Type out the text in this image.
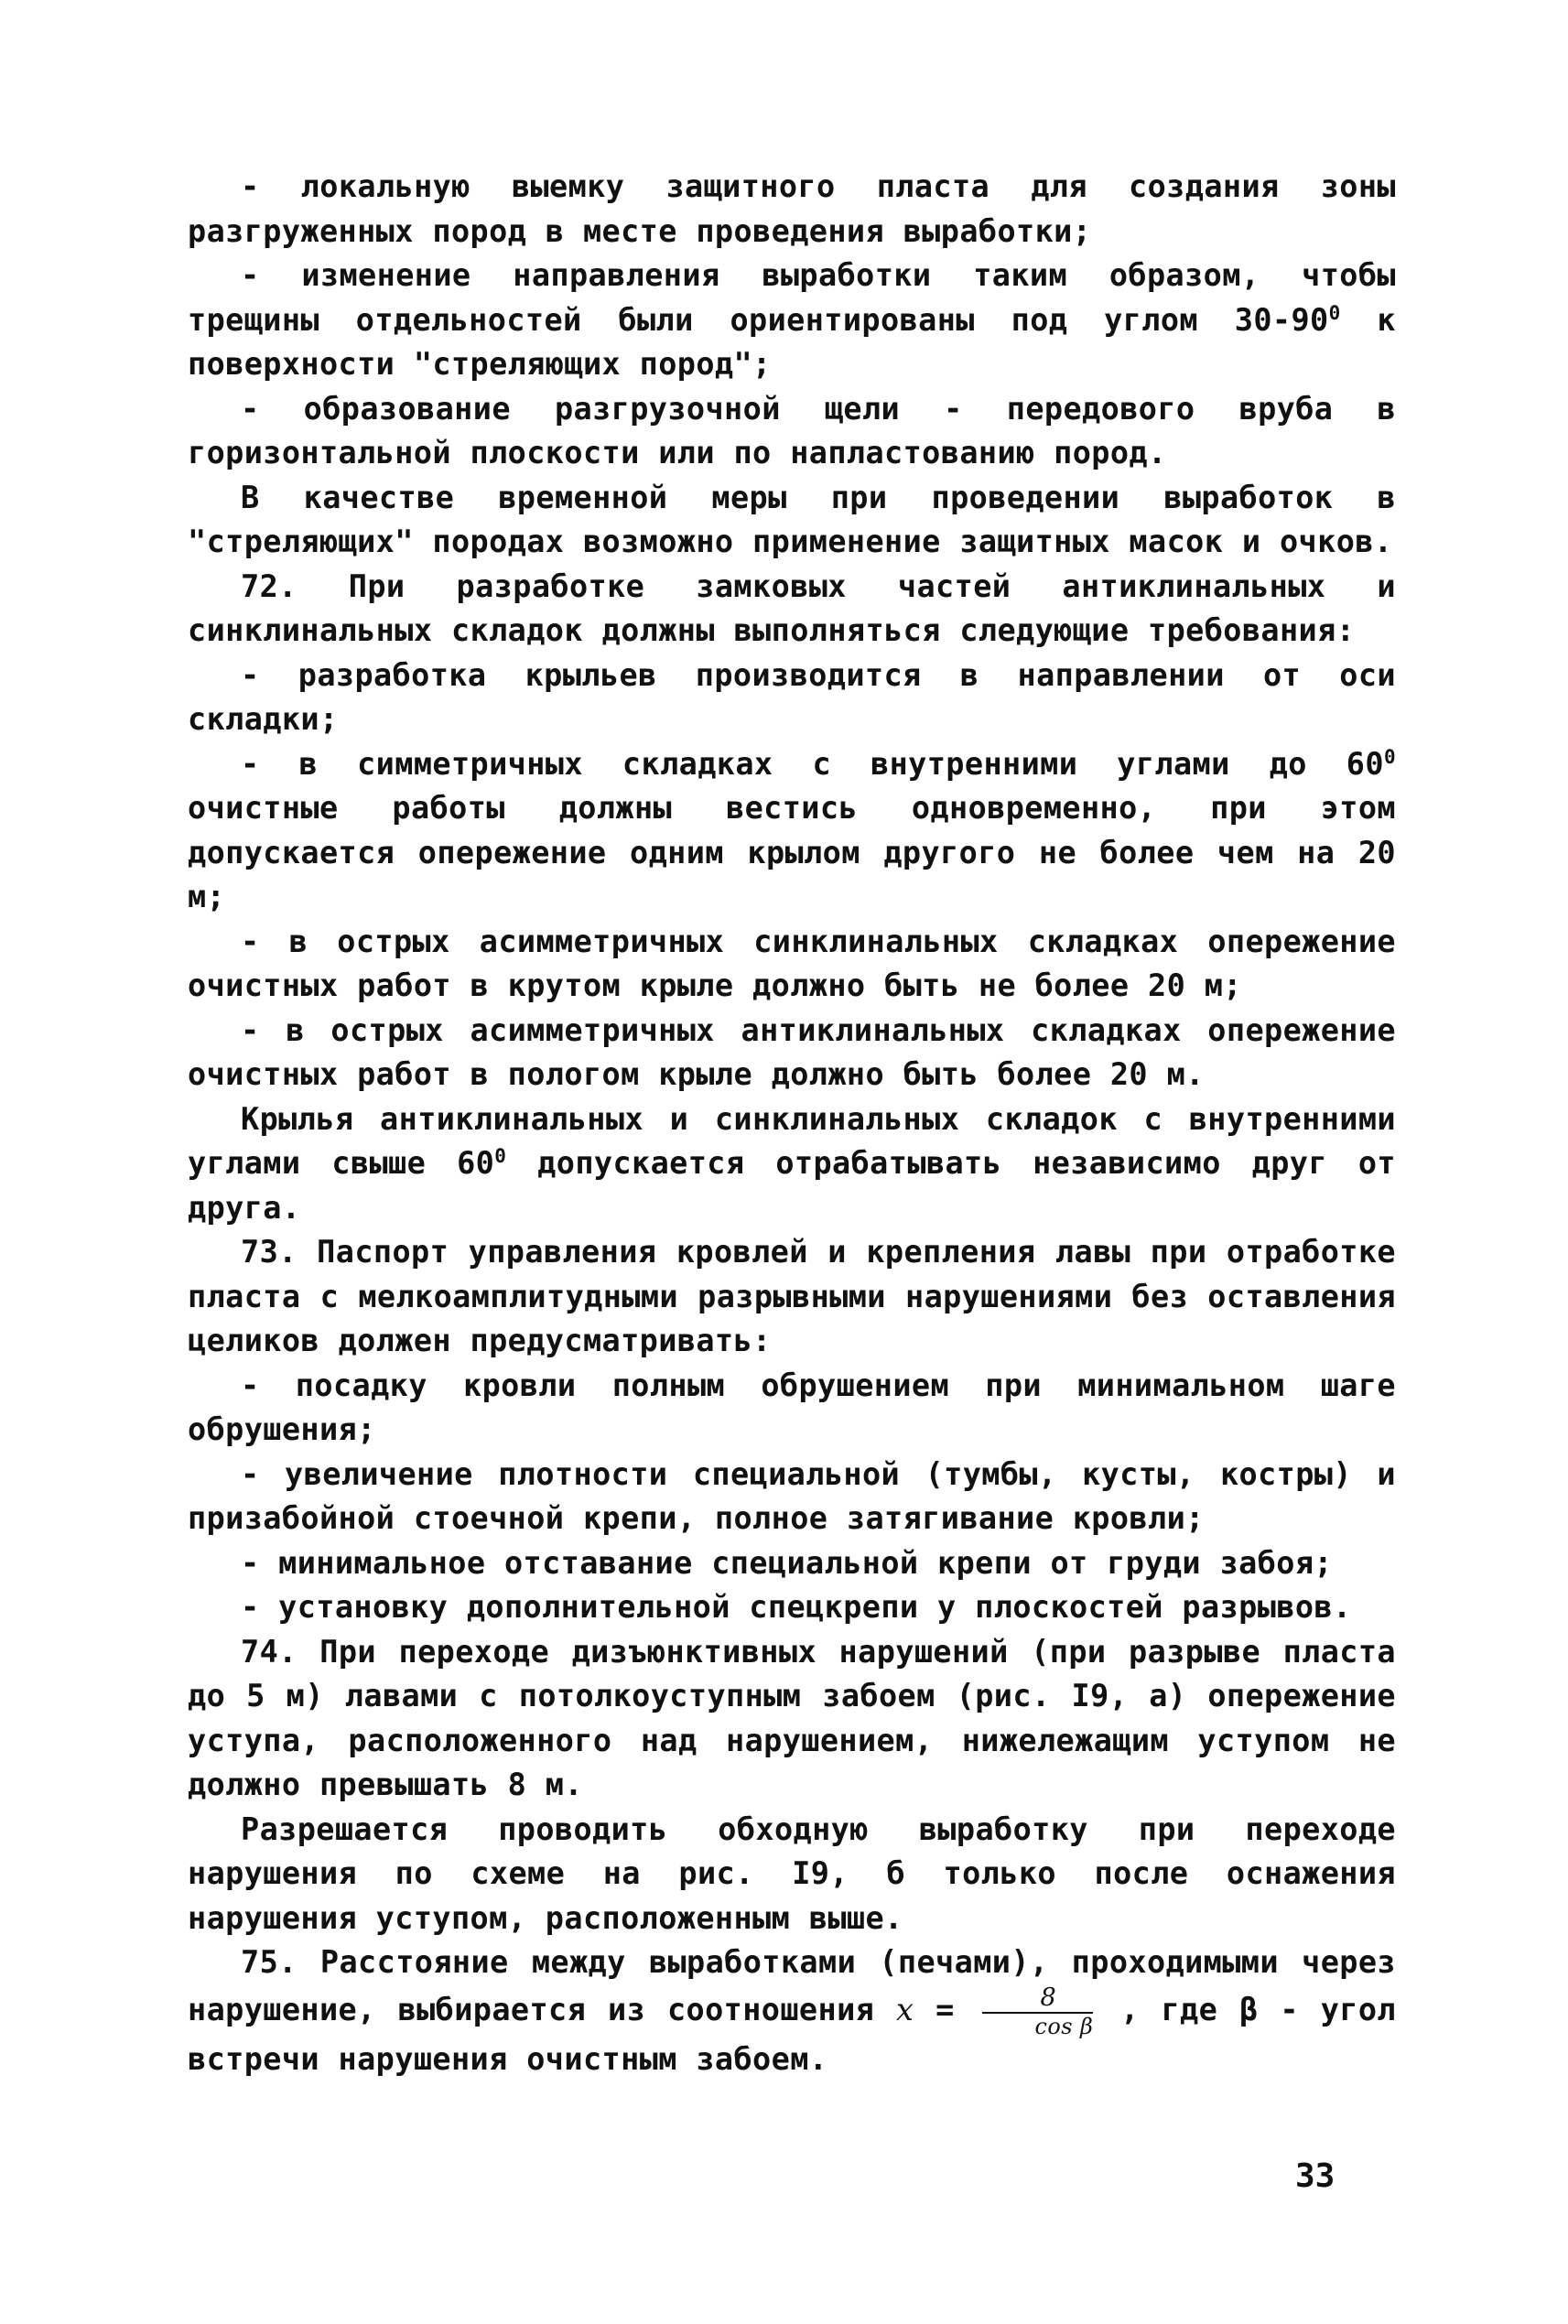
- локальную выемку защитного пласта для создания зоны разгруженных пород в месте проведения выработки;

- изменение направления выработки таким образом, чтобы трещины отдельностей были ориентированы под углом $30-90^0$ к поверхности "стреляющих пород";

- образование разгрузочной щели - передового вруба в горизонтальной плоскости или по напластованию пород.

В качестве временной меры при проведении выработок в "стреляющих" породах возможно применение защитных масок и очков.

72. При разработке замковых частей антиклинальных и синклинальных складок должны выполняться следующие требования:

- разработка крыльев производится в направлении от оси складки;

- в симметричных складках с внутренними углами до $60^0$ очистные работы должны вестись одновременно, при этом допускается опережение одним крылом другого не более чем на 20 м;

- в острых асимметричных синклинальных складках опережение очистных работ в крутом крыле должно быть не более 20 м;

- в острых асимметричных антиклинальных складках опережение очистных работ в пологом крыле должно быть более 20 м.

Крылья антиклинальных и синклинальных складок с внутренними углами свыше $60^0$ допускается отрабатывать независимо друг от друга.

73. Паспорт управления кровлей и крепления лавы при отработке пласта с мелкоамплитудными разрывными нарушениями без оставления целиков должен предусматривать:

- посадку кровли полным обрушением при минимальном шаге обрушения;

- увеличение плотности специальной (тумбы, кусты, костры) и призабойной стоечной крепи, полное затягивание кровли;

- минимальное отставание специальной крепи от груди забоя;

- установку дополнительной спецкрепи у плоскостей разрывов.

74. При переходе дизъюнктивных нарушений (при разрыве пласта до 5 м) лавами с потолкоуступным забоем (рис. I9, а) опережение уступа, расположенного над нарушением, нижележащим уступом не должно превышать 8 м.

Разрешается проводить обходную выработку при переходе нарушения по схеме на рис. I9, б только после оснажения нарушения уступом, расположенным выше.

75. Расстояние между выработками (печами), проходимыми через нарушение, выбирается из соотношения $x = \frac{8}{\text{cos β}}$ , где β - угол встречи нарушения очистным забоем.

33
